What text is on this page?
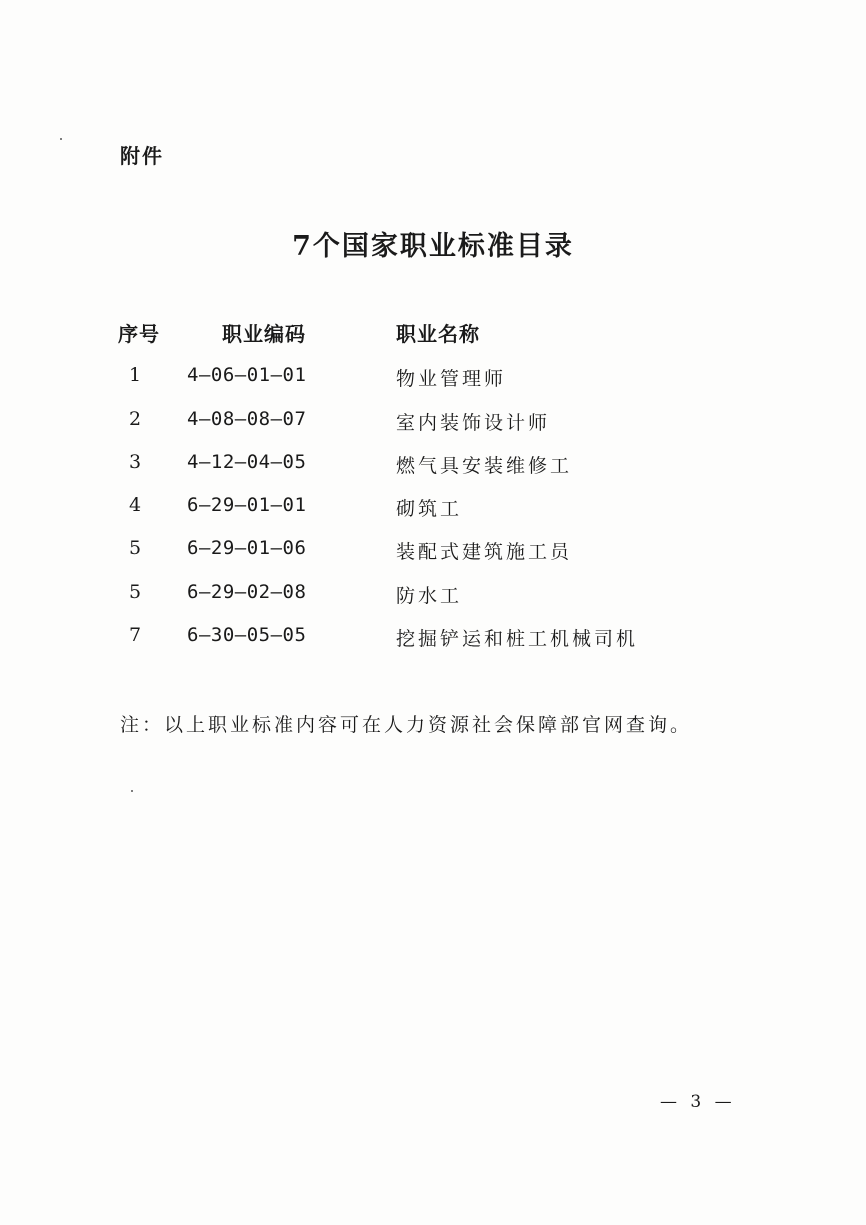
附件
7个国家职业标准目录
序号	职业编码	职业名称
1 4—06—01—01	物业管理师
2 4—08—08—07	室内装饰设计师
3 4—12—04—05	燃气具安装维修工
4 6—29—01—01	砌筑工
5 6—29—01—06	装配式建筑施工员
5 6—29—02—08	防水工
7 6—30—05—05	挖掘铲运和桩工机械司机
注：以上职业标准内容可在人力资源社会保障部官网查询。
— 3 —
